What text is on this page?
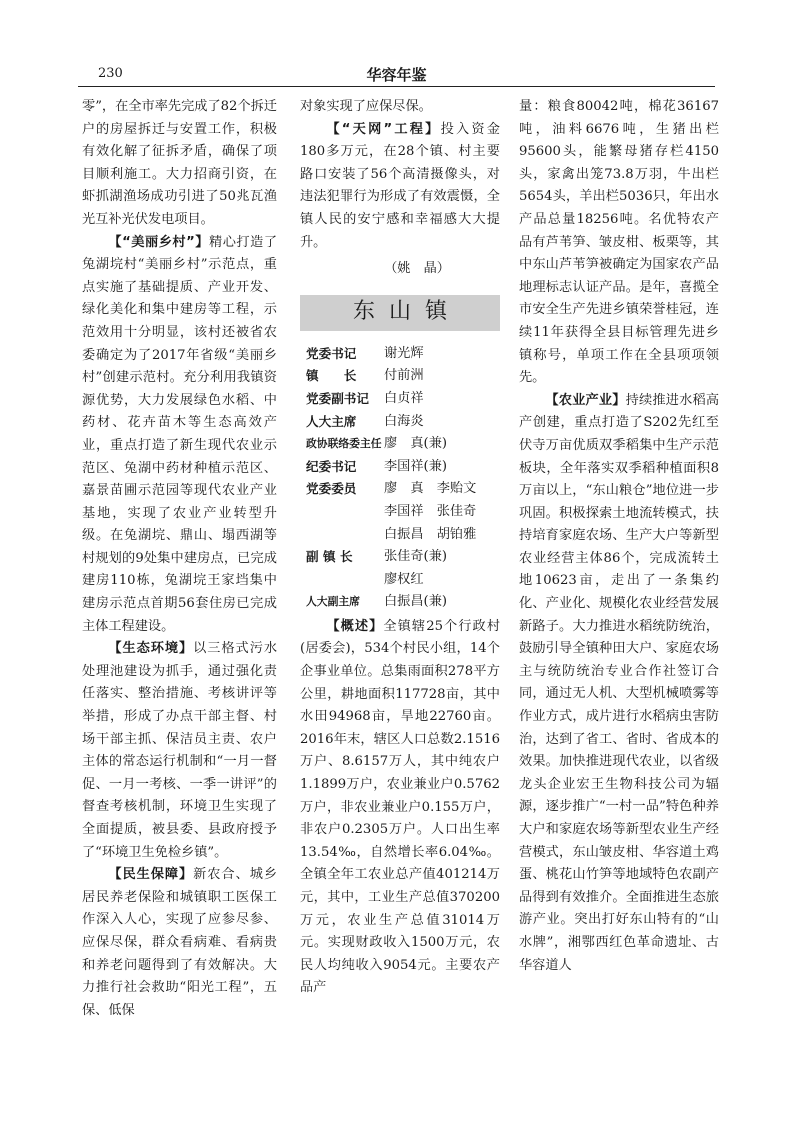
230	华容年鉴

零”，在全市率先完成了82个拆迁户的房屋拆迁与安置工作，积极有效化解了征拆矛盾，确保了项目顺利施工。大力招商引资，在虾抓湖渔场成功引进了50兆瓦渔光互补光伏发电项目。

【“美丽乡村”】精心打造了兔湖垸村“美丽乡村”示范点，重点实施了基础提质、产业开发、绿化美化和集中建房等工程，示范效用十分明显，该村还被省农委确定为了2017年省级“美丽乡村”创建示范村。充分利用我镇资源优势，大力发展绿色水稻、中药材、花卉苗木等生态高效产业，重点打造了新生现代农业示范区、兔湖中药材种植示范区、嘉景苗圃示范园等现代农业产业基地，实现了农业产业转型升级。在兔湖垸、鼎山、塌西湖等村规划的9处集中建房点，已完成建房110栋，兔湖垸王家垱集中建房示范点首期56套住房已完成主体工程建设。

【生态环境】以三格式污水处理池建设为抓手，通过强化责任落实、整治措施、考核讲评等举措，形成了办点干部主督、村场干部主抓、保洁员主责、农户主体的常态运行机制和“一月一督促、一月一考核、一季一讲评”的督查考核机制，环境卫生实现了全面提质，被县委、县政府授予了“环境卫生免检乡镇”。

【民生保障】新农合、城乡居民养老保险和城镇职工医保工作深入人心，实现了应参尽参、应保尽保，群众看病难、看病贵和养老问题得到了有效解决。大力推行社会救助“阳光工程”，五保、低保

对象实现了应保尽保。

【“天网”工程】投入资金180多万元，在28个镇、村主要路口安装了56个高清摄像头，对违法犯罪行为形成了有效震慑，全镇人民的安宁感和幸福感大大提升。

（姚　晶）

东山镇
党委书记	谢光辉
镇　　长	付前洲
党委副书记	白贞祥
人大主席	白海炎
政协联络委主任 廖　真(兼)
纪委书记	李国祥(兼)
党委委员	廖　真　李贻文
李国祥　张佳奇
白振昌　胡铂雅
副 镇 长	张佳奇(兼)
廖权红
人大副主席	白振昌(兼)

【概述】全镇辖25个行政村(居委会)，534个村民小组，14个企事业单位。总集雨面积278平方公里，耕地面积117728亩，其中水田94968亩，旱地22760亩。2016年末，辖区人口总数2.1516万户、8.6157万人，其中纯农户1.1899万户，农业兼业户0.5762万户，非农业兼业户0.155万户，非农户0.2305万户。人口出生率13.54‰，自然增长率6.04‰。全镇全年工农业总产值401214万元，其中，工业生产总值370200万元，农业生产总值31014万元。实现财政收入1500万元，农民人均纯收入9054元。主要农产品产

量：粮食80042吨，棉花36167吨，油料6676吨，生猪出栏95600头，能繁母猪存栏4150头，家禽出笼73.8万羽，牛出栏5654头，羊出栏5036只，年出水产品总量18256吨。名优特农产品有芦苇笋、皱皮柑、板栗等，其中东山芦苇笋被确定为国家农产品地理标志认证产品。是年，喜揽全市安全生产先进乡镇荣誉桂冠，连续11年获得全县目标管理先进乡镇称号，单项工作在全县项项领先。

【农业产业】持续推进水稻高产创建，重点打造了S202先红至伏寺万亩优质双季稻集中生产示范板块，全年落实双季稻种植面积8万亩以上，“东山粮仓”地位进一步巩固。积极探索土地流转模式，扶持培育家庭农场、生产大户等新型农业经营主体86个，完成流转土地10623亩，走出了一条集约化、产业化、规模化农业经营发展新路子。大力推进水稻统防统治，鼓励引导全镇种田大户、家庭农场主与统防统治专业合作社签订合同，通过无人机、大型机械喷雾等作业方式，成片进行水稻病虫害防治，达到了省工、省时、省成本的效果。加快推进现代农业，以省级龙头企业宏王生物科技公司为辐源，逐步推广“一村一品”特色种养大户和家庭农场等新型农业生产经营模式，东山皱皮柑、华容道土鸡蛋、桃花山竹笋等地域特色农副产品得到有效推介。全面推进生态旅游产业。突出打好东山特有的“山水牌”，湘鄂西红色革命遗址、古华容道人
